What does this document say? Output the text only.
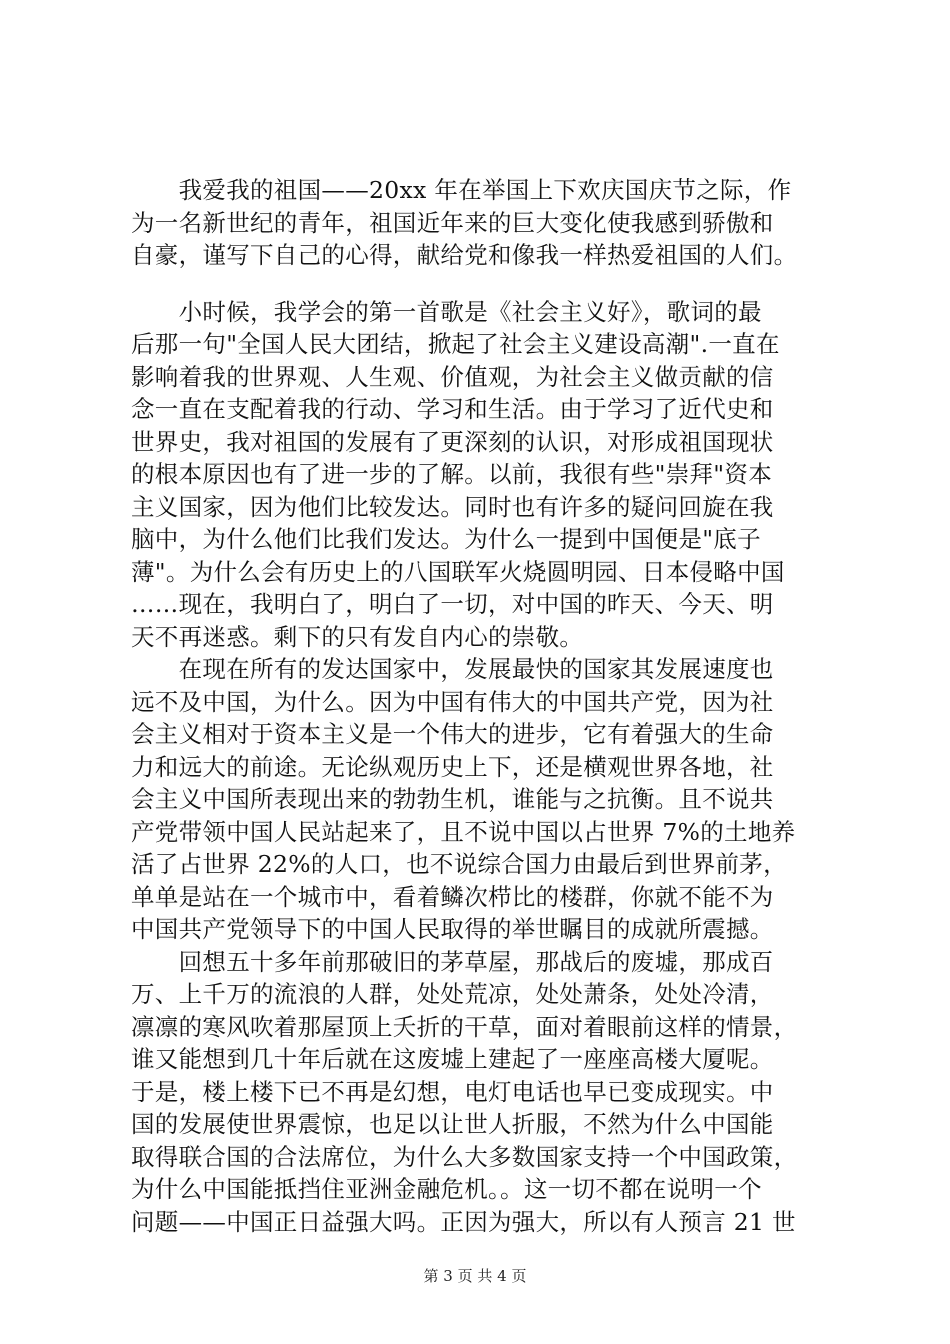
　　我爱我的祖国——20xx 年在举国上下欢庆国庆节之际，作
为一名新世纪的青年，祖国近年来的巨大变化使我感到骄傲和
自豪，谨写下自己的心得，献给党和像我一样热爱祖国的人们。
　　小时候，我学会的第一首歌是《社会主义好》，歌词的最
后那一句"全国人民大团结，掀起了社会主义建设高潮".一直在
影响着我的世界观、人生观、价值观，为社会主义做贡献的信
念一直在支配着我的行动、学习和生活。由于学习了近代史和
世界史，我对祖国的发展有了更深刻的认识，对形成祖国现状
的根本原因也有了进一步的了解。以前，我很有些"崇拜"资本
主义国家，因为他们比较发达。同时也有许多的疑问回旋在我
脑中，为什么他们比我们发达。为什么一提到中国便是"底子
薄"。为什么会有历史上的八国联军火烧圆明园、日本侵略中国
……现在，我明白了，明白了一切，对中国的昨天、今天、明
天不再迷惑。剩下的只有发自内心的崇敬。
　　在现在所有的发达国家中，发展最快的国家其发展速度也
远不及中国，为什么。因为中国有伟大的中国共产党，因为社
会主义相对于资本主义是一个伟大的进步，它有着强大的生命
力和远大的前途。无论纵观历史上下，还是横观世界各地，社
会主义中国所表现出来的勃勃生机，谁能与之抗衡。且不说共
产党带领中国人民站起来了，且不说中国以占世界 7%的土地养
活了占世界 22%的人口，也不说综合国力由最后到世界前茅，
单单是站在一个城市中，看着鳞次栉比的楼群，你就不能不为
中国共产党领导下的中国人民取得的举世瞩目的成就所震撼。
　　回想五十多年前那破旧的茅草屋，那战后的废墟，那成百
万、上千万的流浪的人群，处处荒凉，处处萧条，处处冷清，
凛凛的寒风吹着那屋顶上夭折的干草，面对着眼前这样的情景，
谁又能想到几十年后就在这废墟上建起了一座座高楼大厦呢。
于是，楼上楼下已不再是幻想，电灯电话也早已变成现实。中
国的发展使世界震惊，也足以让世人折服，不然为什么中国能
取得联合国的合法席位，为什么大多数国家支持一个中国政策，
为什么中国能抵挡住亚洲金融危机。。这一切不都在说明一个
问题——中国正日益强大吗。正因为强大，所以有人预言 21 世
第 3 页 共 4 页
